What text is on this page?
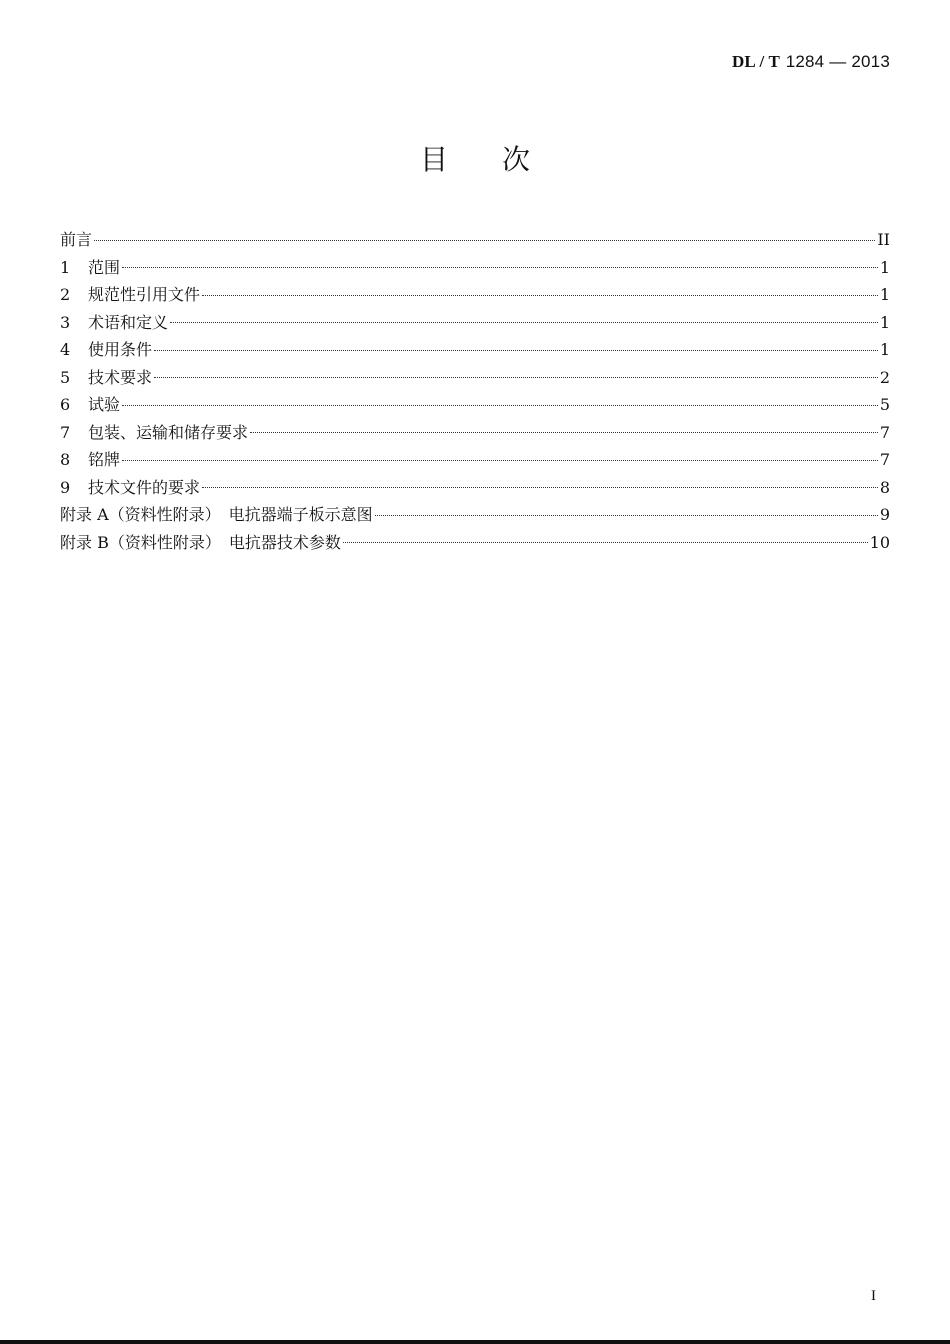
DL / T 1284 — 2013
目次
前言	II
1	范围	1
2	规范性引用文件	1
3	术语和定义	1
4	使用条件	1
5	技术要求	2
6	试验	5
7	包装、运输和储存要求	7
8	铭牌	7
9	技术文件的要求	8
附录 A（资料性附录）　电抗器端子板示意图	9
附录 B（资料性附录）　电抗器技术参数	10
I
